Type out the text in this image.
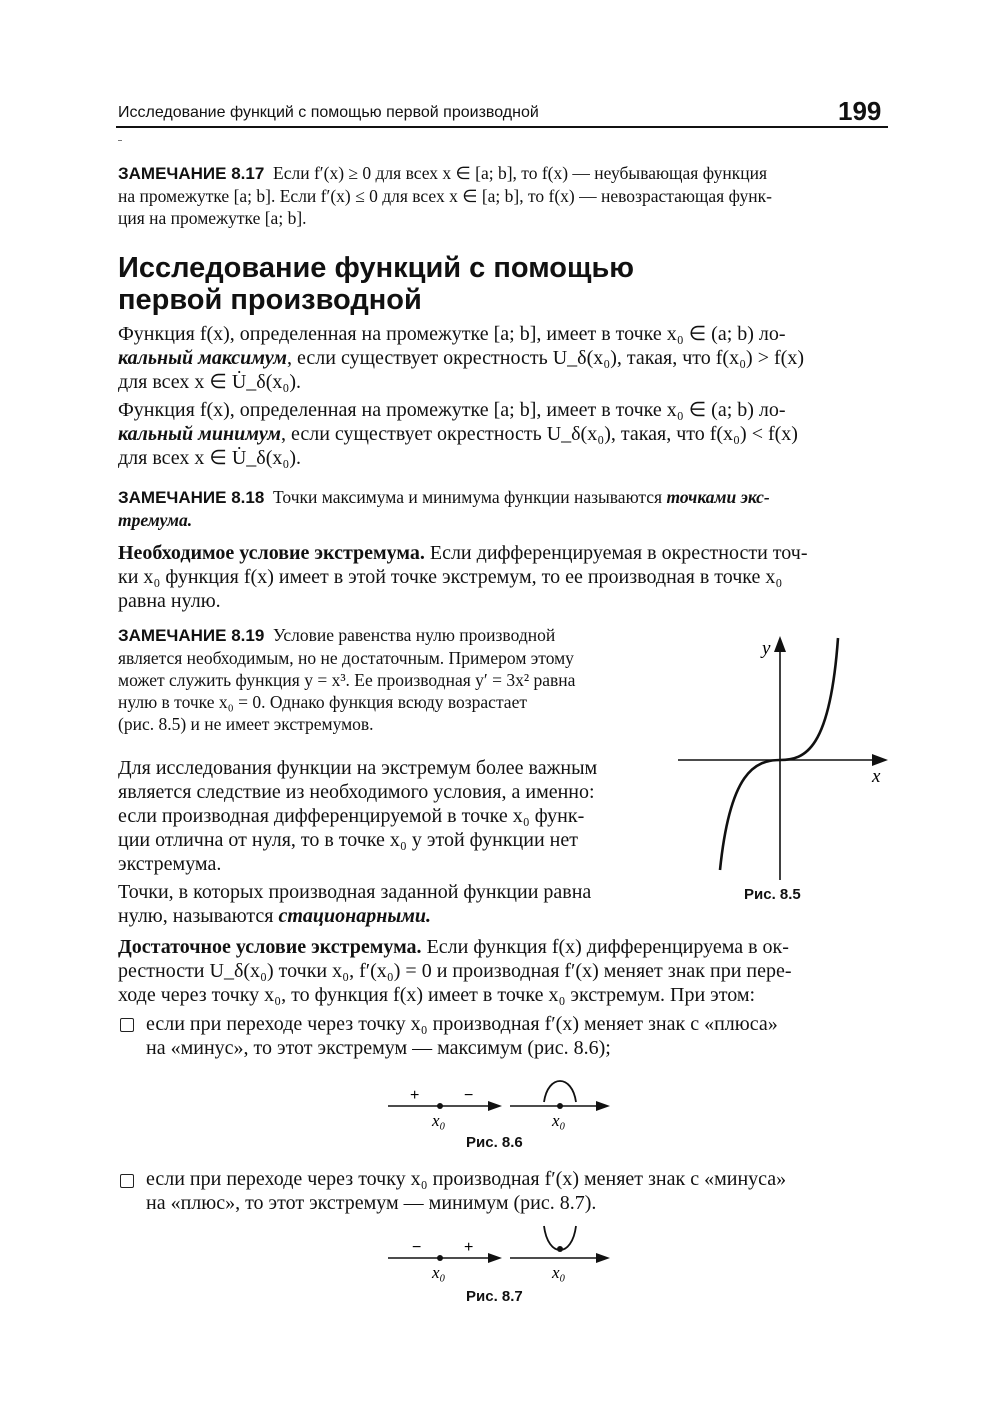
Исследование функций с помощью первой производной	199
ЗАМЕЧАНИЕ 8.17 Если f′(x) ≥ 0 для всех x ∈ [a; b], то f(x) — неубывающая функция
на промежутке [a; b]. Если f′(x) ≤ 0 для всех x ∈ [a; b], то f(x) — невозрастающая функ-
ция на промежутке [a; b].
Исследование функций с помощью
первой производной
Функция f(x), определенная на промежутке [a; b], имеет в точке x₀ ∈ (a; b) ло-
кальный максимум, если существует окрестность U_δ(x₀), такая, что f(x₀) > f(x)
для всех x ∈ U̇_δ(x₀).
Функция f(x), определенная на промежутке [a; b], имеет в точке x₀ ∈ (a; b) ло-
кальный минимум, если существует окрестность U_δ(x₀), такая, что f(x₀) < f(x)
для всех x ∈ U̇_δ(x₀).
ЗАМЕЧАНИЕ 8.18 Точки максимума и минимума функции называются точками экс-
тремума.
Необходимое условие экстремума. Если дифференцируемая в окрестности точ-
ки x₀ функция f(x) имеет в этой точке экстремум, то ее производная в точке x₀
равна нулю.
ЗАМЕЧАНИЕ 8.19 Условие равенства нулю производной
является необходимым, но не достаточным. Примером этому
может служить функция y = x³. Ее производная y′ = 3x² равна
нулю в точке x₀ = 0. Однако функция всюду возрастает
(рис. 8.5) и не имеет экстремумов.
Для исследования функции на экстремум более важным
является следствие из необходимого условия, а именно:
если производная дифференцируемой в точке x₀ функ-
ции отлична от нуля, то в точке x₀ у этой функции нет
экстремума.
Точки, в которых производная заданной функции равна
нулю, называются стационарными.
y
x
Рис. 8.5
Достаточное условие экстремума. Если функция f(x) дифференцируема в ок-
рестности U_δ(x₀) точки x₀, f′(x₀) = 0 и производная f′(x) меняет знак при пере-
ходе через точку x₀, то функция f(x) имеет в точке x₀ экстремум. При этом:
если при переходе через точку x₀ производная f′(x) меняет знак с «плюса»
на «минус», то этот экстремум — максимум (рис. 8.6);
+	−
x₀	x₀
Рис. 8.6
если при переходе через точку x₀ производная f′(x) меняет знак с «минуса»
на «плюс», то этот экстремум — минимум (рис. 8.7).
−	+
x₀	x₀
Рис. 8.7
